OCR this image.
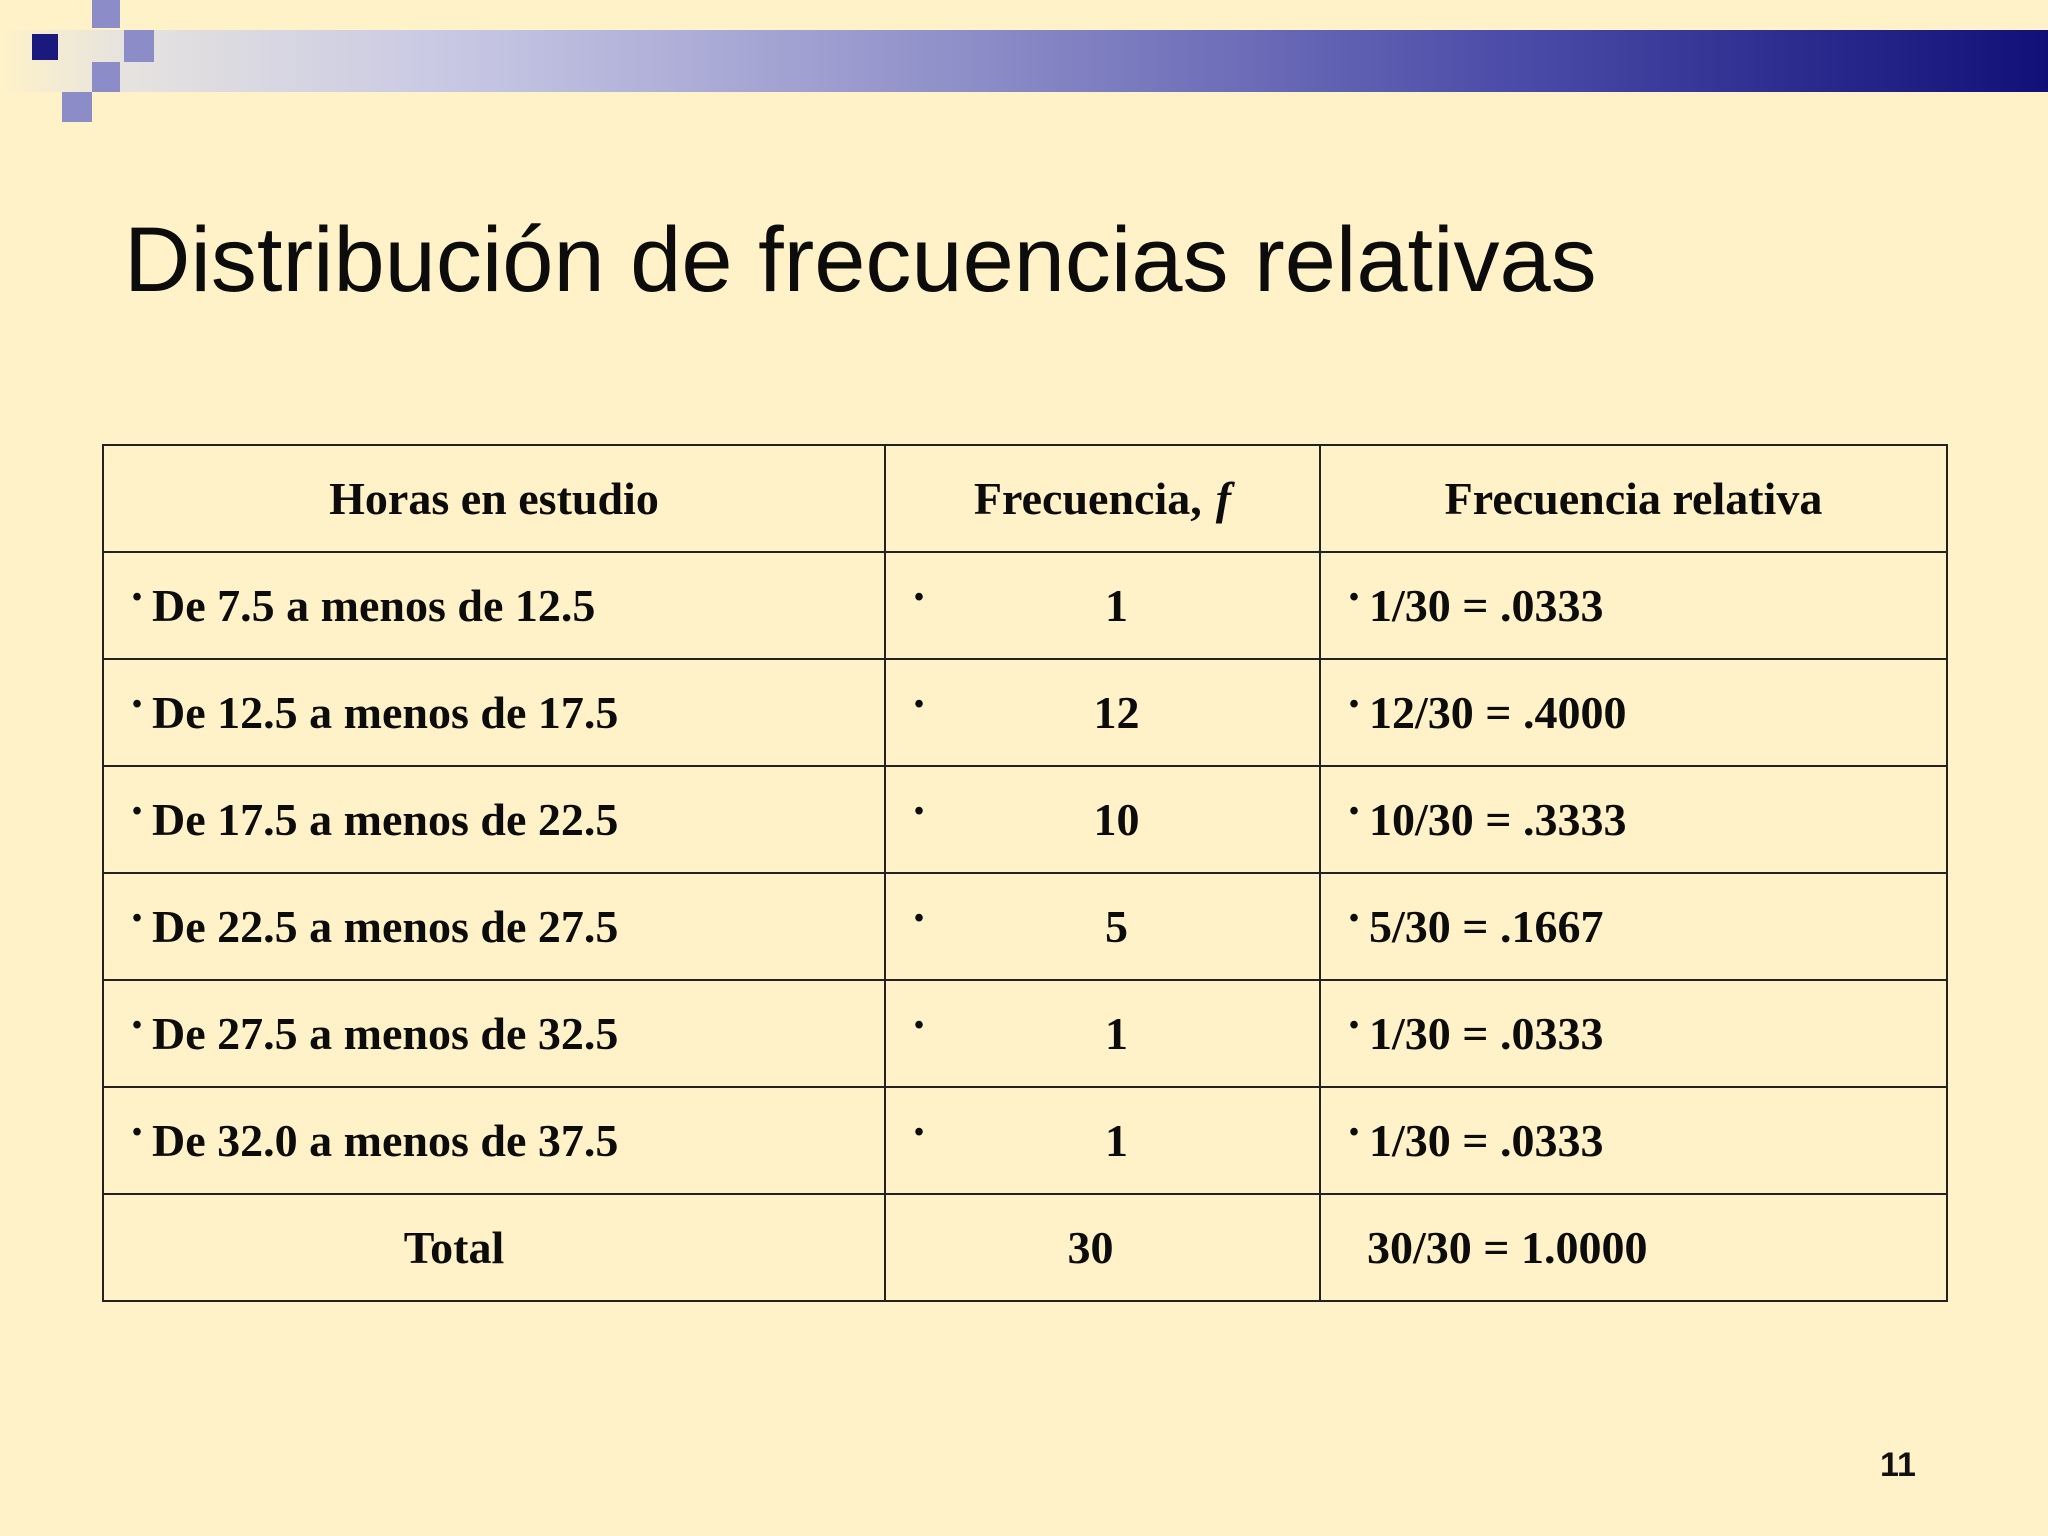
Distribución de frecuencias relativas
Horas en estudio	Frecuencia, f	Frecuencia relativa

• De 7.5 a menos de 12.5	• 1	• 1/30 = .0333

• De 12.5 a menos de 17.5	• 12	• 12/30 = .4000

• De 17.5 a menos de 22.5	• 10	• 10/30 = .3333

• De 22.5 a menos de 27.5	• 5	• 5/30 = .1667

• De 27.5 a menos de 32.5	• 1	• 1/30 = .0333

• De 32.0 a menos de 37.5	• 1	• 1/30 = .0333

Total	30	30/30 = 1.0000
11
